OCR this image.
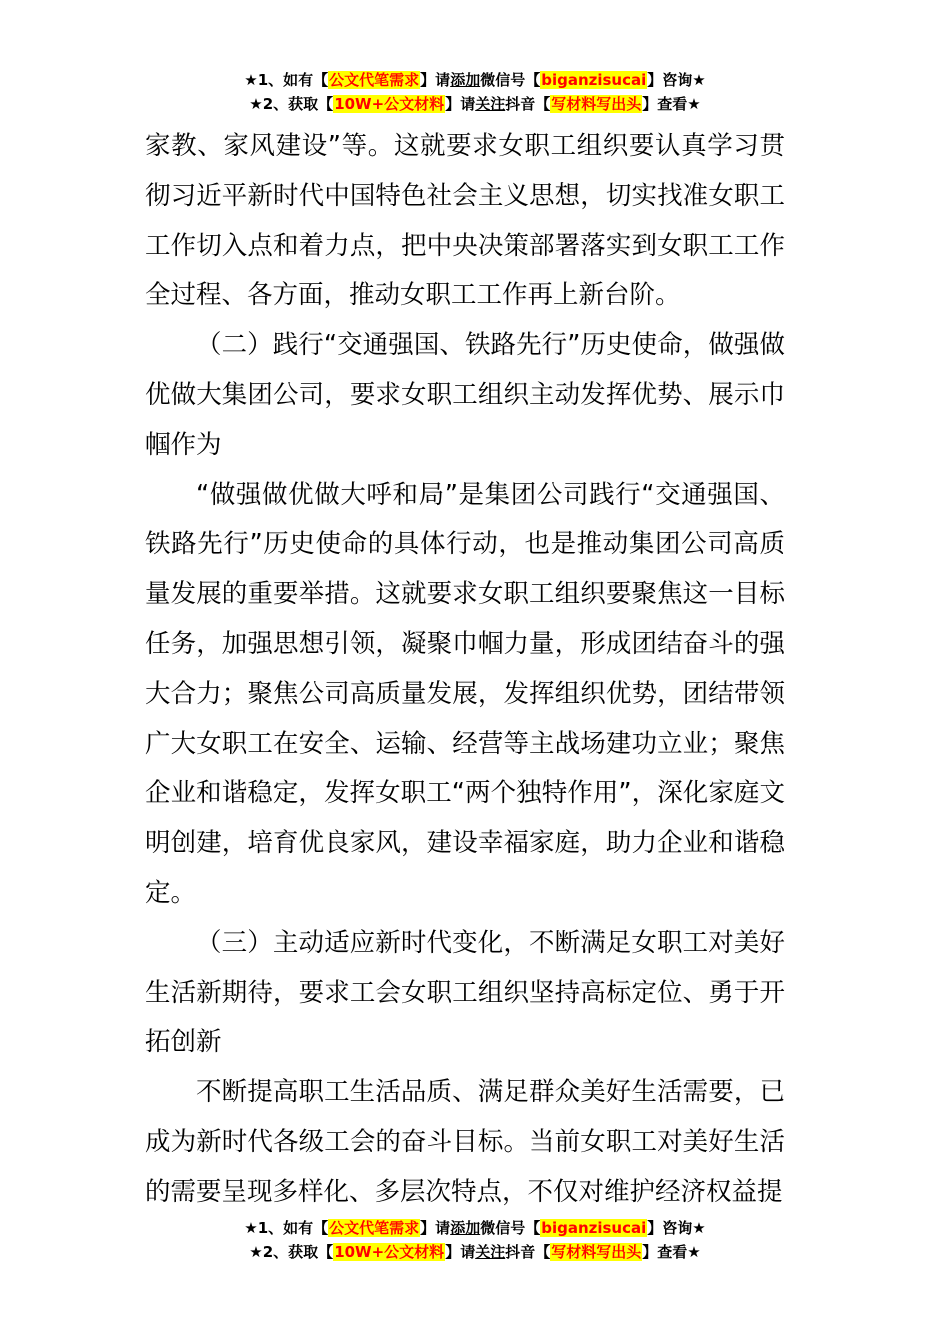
★1、如有【公文代笔需求】请添加微信号【biganzisucai】咨询★
★2、获取【10W+公文材料】请关注抖音【写材料写出头】查看★

家教、家风建设”等。这就要求女职工组织要认真学习贯彻习近平新时代中国特色社会主义思想，切实找准女职工工作切入点和着力点，把中央决策部署落实到女职工工作全过程、各方面，推动女职工工作再上新台阶。

（二）践行“交通强国、铁路先行”历史使命，做强做优做大集团公司，要求女职工组织主动发挥优势、展示巾帼作为

“做强做优做大呼和局”是集团公司践行“交通强国、铁路先行”历史使命的具体行动，也是推动集团公司高质量发展的重要举措。这就要求女职工组织要聚焦这一目标任务，加强思想引领，凝聚巾帼力量，形成团结奋斗的强大合力；聚焦公司高质量发展，发挥组织优势，团结带领广大女职工在安全、运输、经营等主战场建功立业；聚焦企业和谐稳定，发挥女职工“两个独特作用”，深化家庭文明创建，培育优良家风，建设幸福家庭，助力企业和谐稳定。

（三）主动适应新时代变化，不断满足女职工对美好生活新期待，要求工会女职工组织坚持高标定位、勇于开拓创新

不断提高职工生活品质、满足群众美好生活需要，已成为新时代各级工会的奋斗目标。当前女职工对美好生活的需要呈现多样化、多层次特点，不仅对维护经济权益提

★1、如有【公文代笔需求】请添加微信号【biganzisucai】咨询★
★2、获取【10W+公文材料】请关注抖音【写材料写出头】查看★
